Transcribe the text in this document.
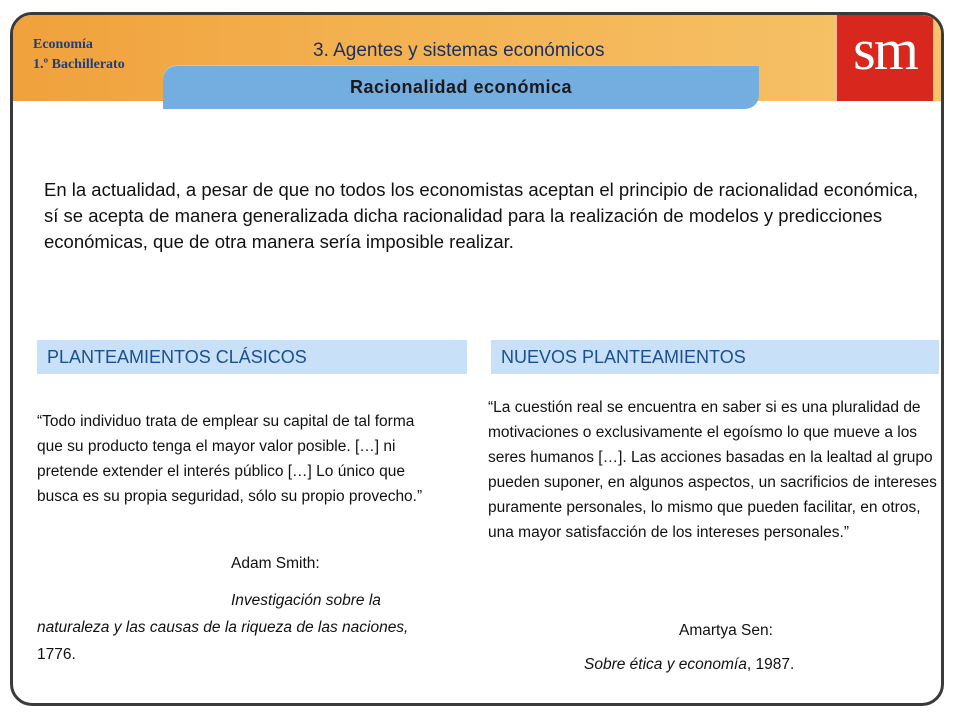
Economía
1.º Bachillerato
3. Agentes y sistemas económicos	sm
Racionalidad económica

En la actualidad, a pesar de que no todos los economistas aceptan el principio de racionalidad económica, sí se acepta de manera generalizada dicha racionalidad para la realización de modelos y predicciones económicas, que de otra manera sería imposible realizar.

PLANTEAMIENTOS CLÁSICOS	NUEVOS PLANTEAMIENTOS

“Todo individuo trata de emplear su capital de tal forma que su producto tenga el mayor valor posible. […] ni pretende extender el interés público […] Lo único que busca es su propia seguridad, sólo su propio provecho.”

Adam Smith:

Investigación sobre la naturaleza y las causas de la riqueza de las naciones, 1776.

“La cuestión real se encuentra en saber si es una pluralidad de motivaciones o exclusivamente el egoísmo lo que mueve a los seres humanos […]. Las acciones basadas en la lealtad al grupo pueden suponer, en algunos aspectos, un sacrificios de intereses puramente personales, lo mismo que pueden facilitar, en otros, una mayor satisfacción de los intereses personales.”

Amartya Sen:

Sobre ética y economía, 1987.
